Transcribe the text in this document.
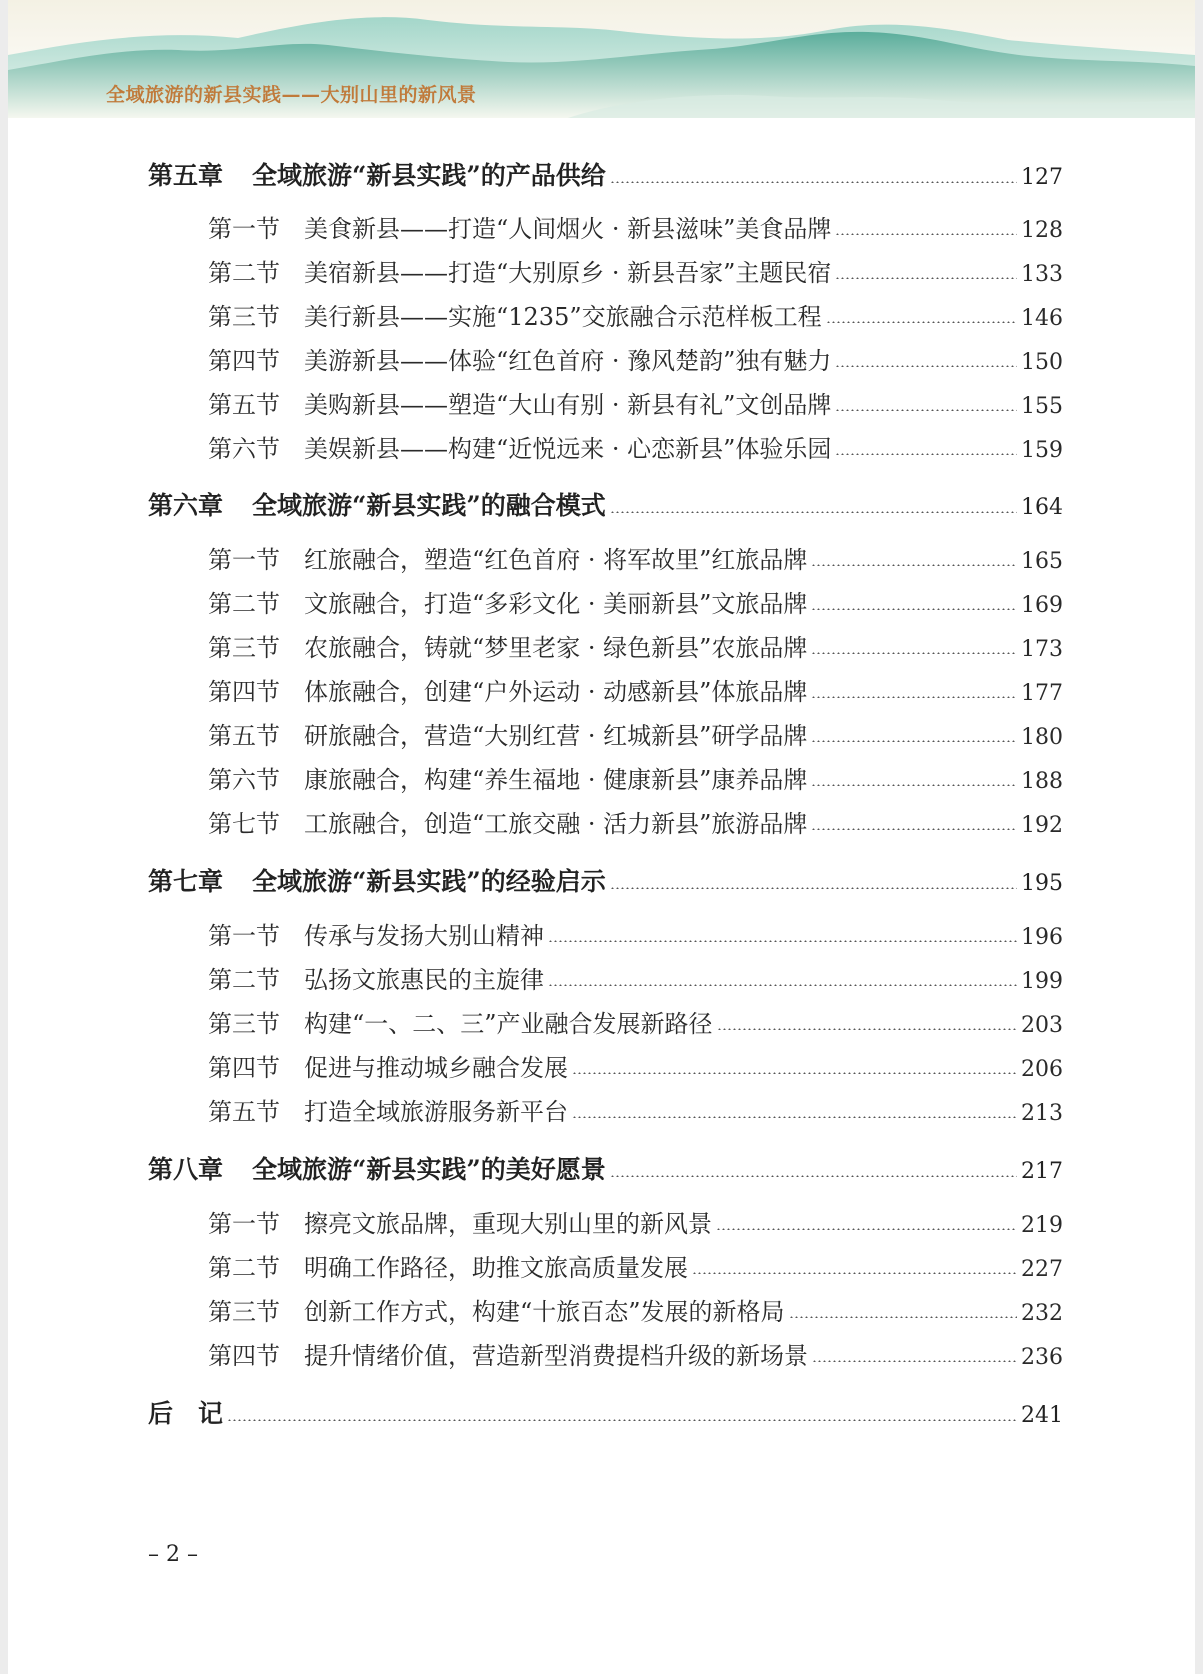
全域旅游的新县实践——大别山里的新风景
第五章	全域旅游“新县实践”的产品供给	127
第一节	美食新县——打造“人间烟火 · 新县滋味”美食品牌	128
第二节	美宿新县——打造“大别原乡 · 新县吾家”主题民宿	133
第三节	美行新县——实施“1235”交旅融合示范样板工程	146
第四节	美游新县——体验“红色首府 · 豫风楚韵”独有魅力	150
第五节	美购新县——塑造“大山有别 · 新县有礼”文创品牌	155
第六节	美娱新县——构建“近悦远来 · 心恋新县”体验乐园	159
第六章	全域旅游“新县实践”的融合模式	164
第一节	红旅融合，塑造“红色首府 · 将军故里”红旅品牌	165
第二节	文旅融合，打造“多彩文化 · 美丽新县”文旅品牌	169
第三节	农旅融合，铸就“梦里老家 · 绿色新县”农旅品牌	173
第四节	体旅融合，创建“户外运动 · 动感新县”体旅品牌	177
第五节	研旅融合，营造“大别红营 · 红城新县”研学品牌	180
第六节	康旅融合，构建“养生福地 · 健康新县”康养品牌	188
第七节	工旅融合，创造“工旅交融 · 活力新县”旅游品牌	192
第七章	全域旅游“新县实践”的经验启示	195
第一节	传承与发扬大别山精神	196
第二节	弘扬文旅惠民的主旋律	199
第三节	构建“一、二、三”产业融合发展新路径	203
第四节	促进与推动城乡融合发展	206
第五节	打造全域旅游服务新平台	213
第八章	全域旅游“新县实践”的美好愿景	217
第一节	擦亮文旅品牌，重现大别山里的新风景	219
第二节	明确工作路径，助推文旅高质量发展	227
第三节	创新工作方式，构建“十旅百态”发展的新格局	232
第四节	提升情绪价值，营造新型消费提档升级的新场景	236
后　记	241
– 2 –
